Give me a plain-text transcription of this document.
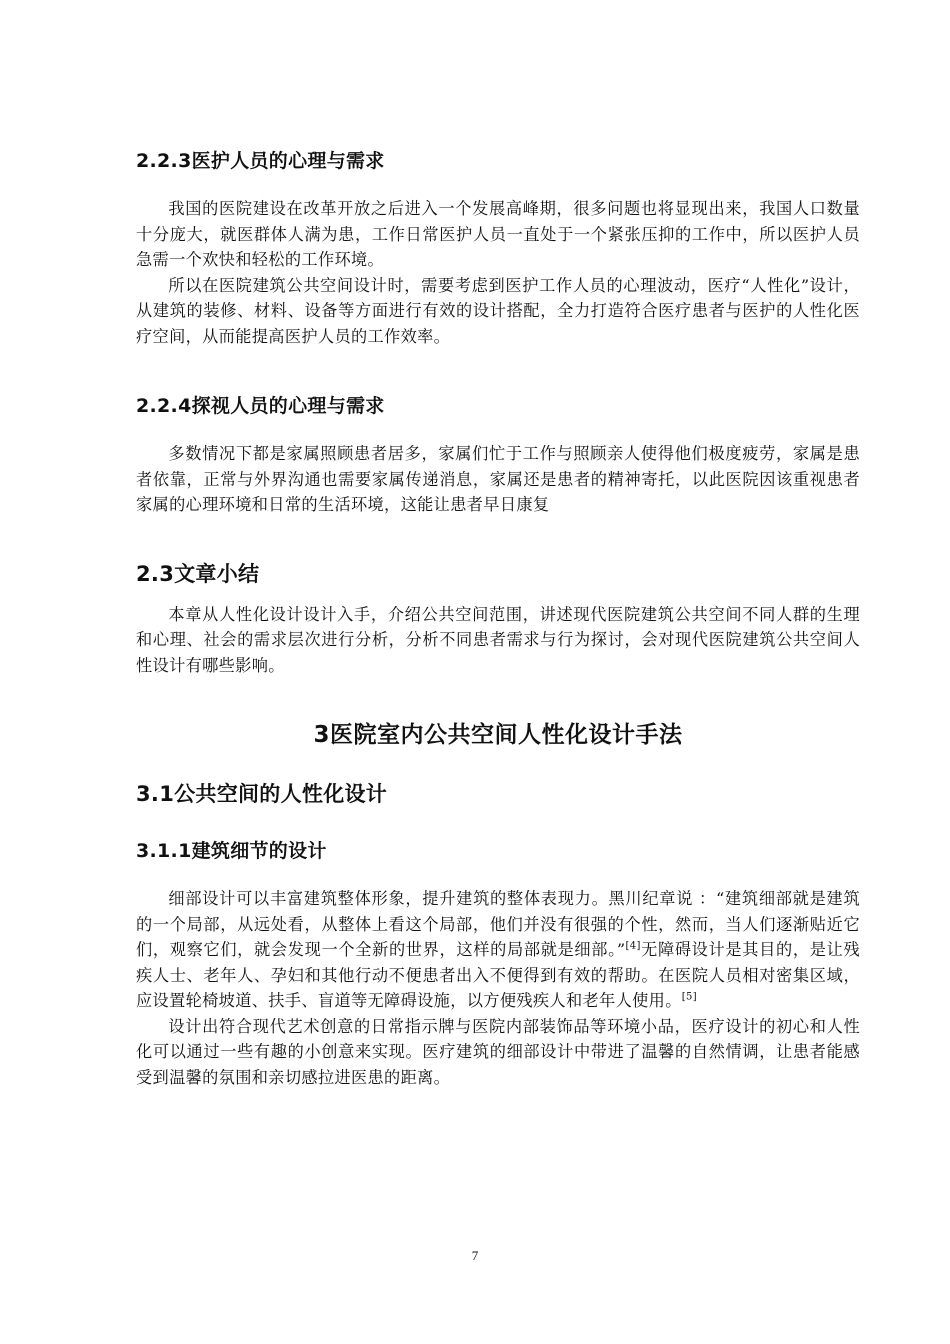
2.2.3医护人员的心理与需求

我国的医院建设在改革开放之后进入一个发展高峰期，很多问题也将显现出来，我国人口数量十分庞大，就医群体人满为患，工作日常医护人员一直处于一个紧张压抑的工作中，所以医护人员急需一个欢快和轻松的工作环境。

所以在医院建筑公共空间设计时，需要考虑到医护工作人员的心理波动，医疗“人性化”设计，从建筑的装修、材料、设备等方面进行有效的设计搭配，全力打造符合医疗患者与医护的人性化医疗空间，从而能提高医护人员的工作效率。

2.2.4探视人员的心理与需求

多数情况下都是家属照顾患者居多，家属们忙于工作与照顾亲人使得他们极度疲劳，家属是患者依靠，正常与外界沟通也需要家属传递消息，家属还是患者的精神寄托，以此医院因该重视患者家属的心理环境和日常的生活环境，这能让患者早日康复

2.3文章小结

本章从人性化设计设计入手，介绍公共空间范围，讲述现代医院建筑公共空间不同人群的生理和心理、社会的需求层次进行分析，分析不同患者需求与行为探讨，会对现代医院建筑公共空间人性设计有哪些影响。

3医院室内公共空间人性化设计手法
3.1公共空间的人性化设计
3.1.1建筑细节的设计

细部设计可以丰富建筑整体形象，提升建筑的整体表现力。黑川纪章说 ：“建筑细部就是建筑的一个局部，从远处看，从整体上看这个局部，他们并没有很强的个性，然而，当人们逐渐贴近它们，观察它们，就会发现一个全新的世界，这样的局部就是细部。”[4]无障碍设计是其目的，是让残疾人士、老年人、孕妇和其他行动不便患者出入不便得到有效的帮助。在医院人员相对密集区域，应设置轮椅坡道、扶手、盲道等无障碍设施，以方便残疾人和老年人使用。[5]

设计出符合现代艺术创意的日常指示牌与医院内部装饰品等环境小品，医疗设计的初心和人性化可以通过一些有趣的小创意来实现。医疗建筑的细部设计中带进了温馨的自然情调，让患者能感受到温馨的氛围和亲切感拉进医患的距离。

7
